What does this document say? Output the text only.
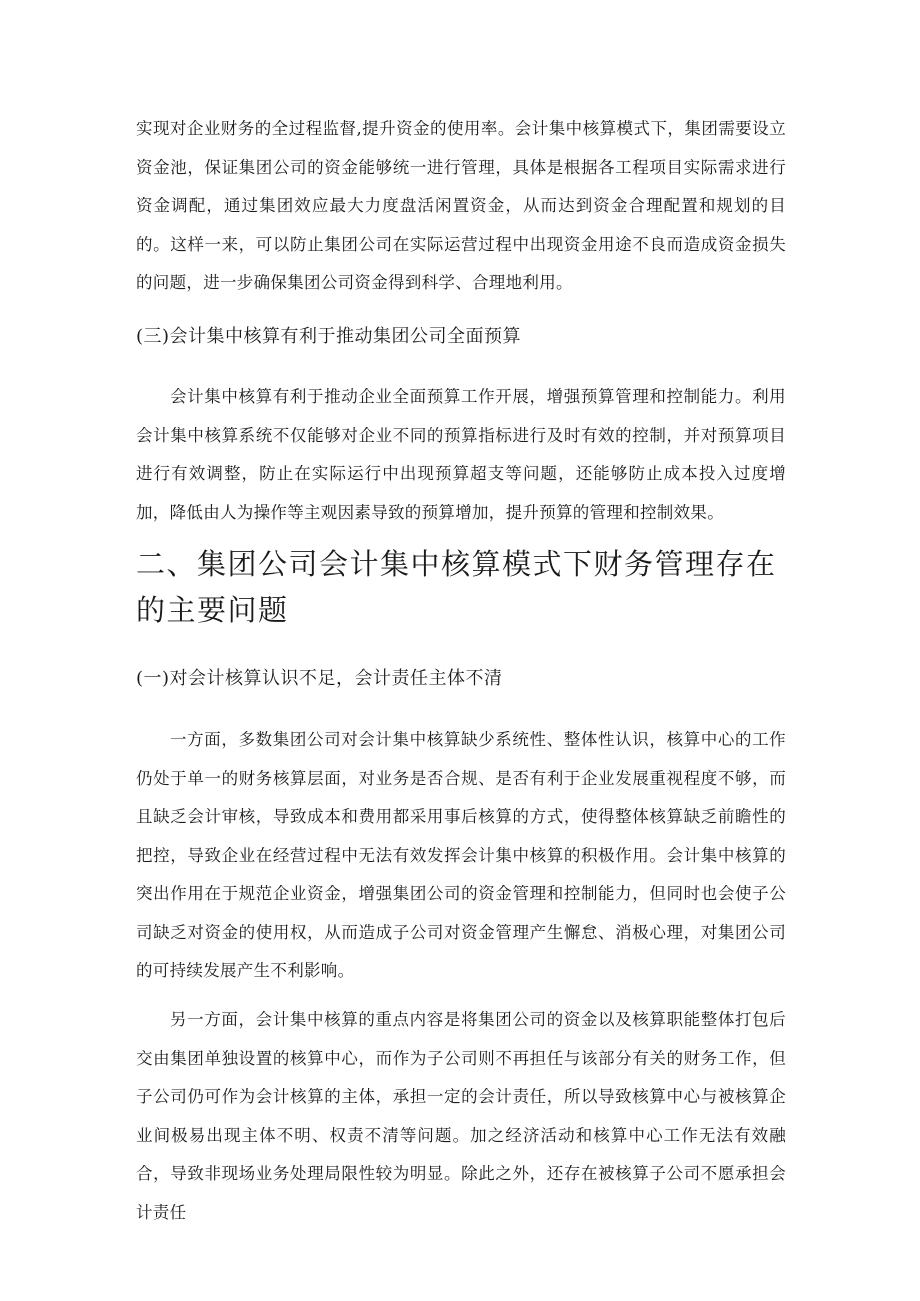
实现对企业财务的全过程监督,提升资金的使用率。会计集中核算模式下，集团需要设立资金池，保证集团公司的资金能够统一进行管理，具体是根据各工程项目实际需求进行资金调配，通过集团效应最大力度盘活闲置资金，从而达到资金合理配置和规划的目的。这样一来，可以防止集团公司在实际运营过程中出现资金用途不良而造成资金损失的问题，进一步确保集团公司资金得到科学、合理地利用。

(三)会计集中核算有利于推动集团公司全面预算

会计集中核算有利于推动企业全面预算工作开展，增强预算管理和控制能力。利用会计集中核算系统不仅能够对企业不同的预算指标进行及时有效的控制，并对预算项目进行有效调整，防止在实际运行中出现预算超支等问题，还能够防止成本投入过度增加，降低由人为操作等主观因素导致的预算增加，提升预算的管理和控制效果。

二、集团公司会计集中核算模式下财务管理存在的主要问题
(一)对会计核算认识不足，会计责任主体不清

一方面，多数集团公司对会计集中核算缺少系统性、整体性认识，核算中心的工作仍处于单一的财务核算层面，对业务是否合规、是否有利于企业发展重视程度不够，而且缺乏会计审核，导致成本和费用都采用事后核算的方式，使得整体核算缺乏前瞻性的把控，导致企业在经营过程中无法有效发挥会计集中核算的积极作用。会计集中核算的突出作用在于规范企业资金，增强集团公司的资金管理和控制能力，但同时也会使子公司缺乏对资金的使用权，从而造成子公司对资金管理产生懈怠、消极心理，对集团公司的可持续发展产生不利影响。

另一方面，会计集中核算的重点内容是将集团公司的资金以及核算职能整体打包后交由集团单独设置的核算中心，而作为子公司则不再担任与该部分有关的财务工作，但子公司仍可作为会计核算的主体，承担一定的会计责任，所以导致核算中心与被核算企业间极易出现主体不明、权责不清等问题。加之经济活动和核算中心工作无法有效融合，导致非现场业务处理局限性较为明显。除此之外，还存在被核算子公司不愿承担会计责任
